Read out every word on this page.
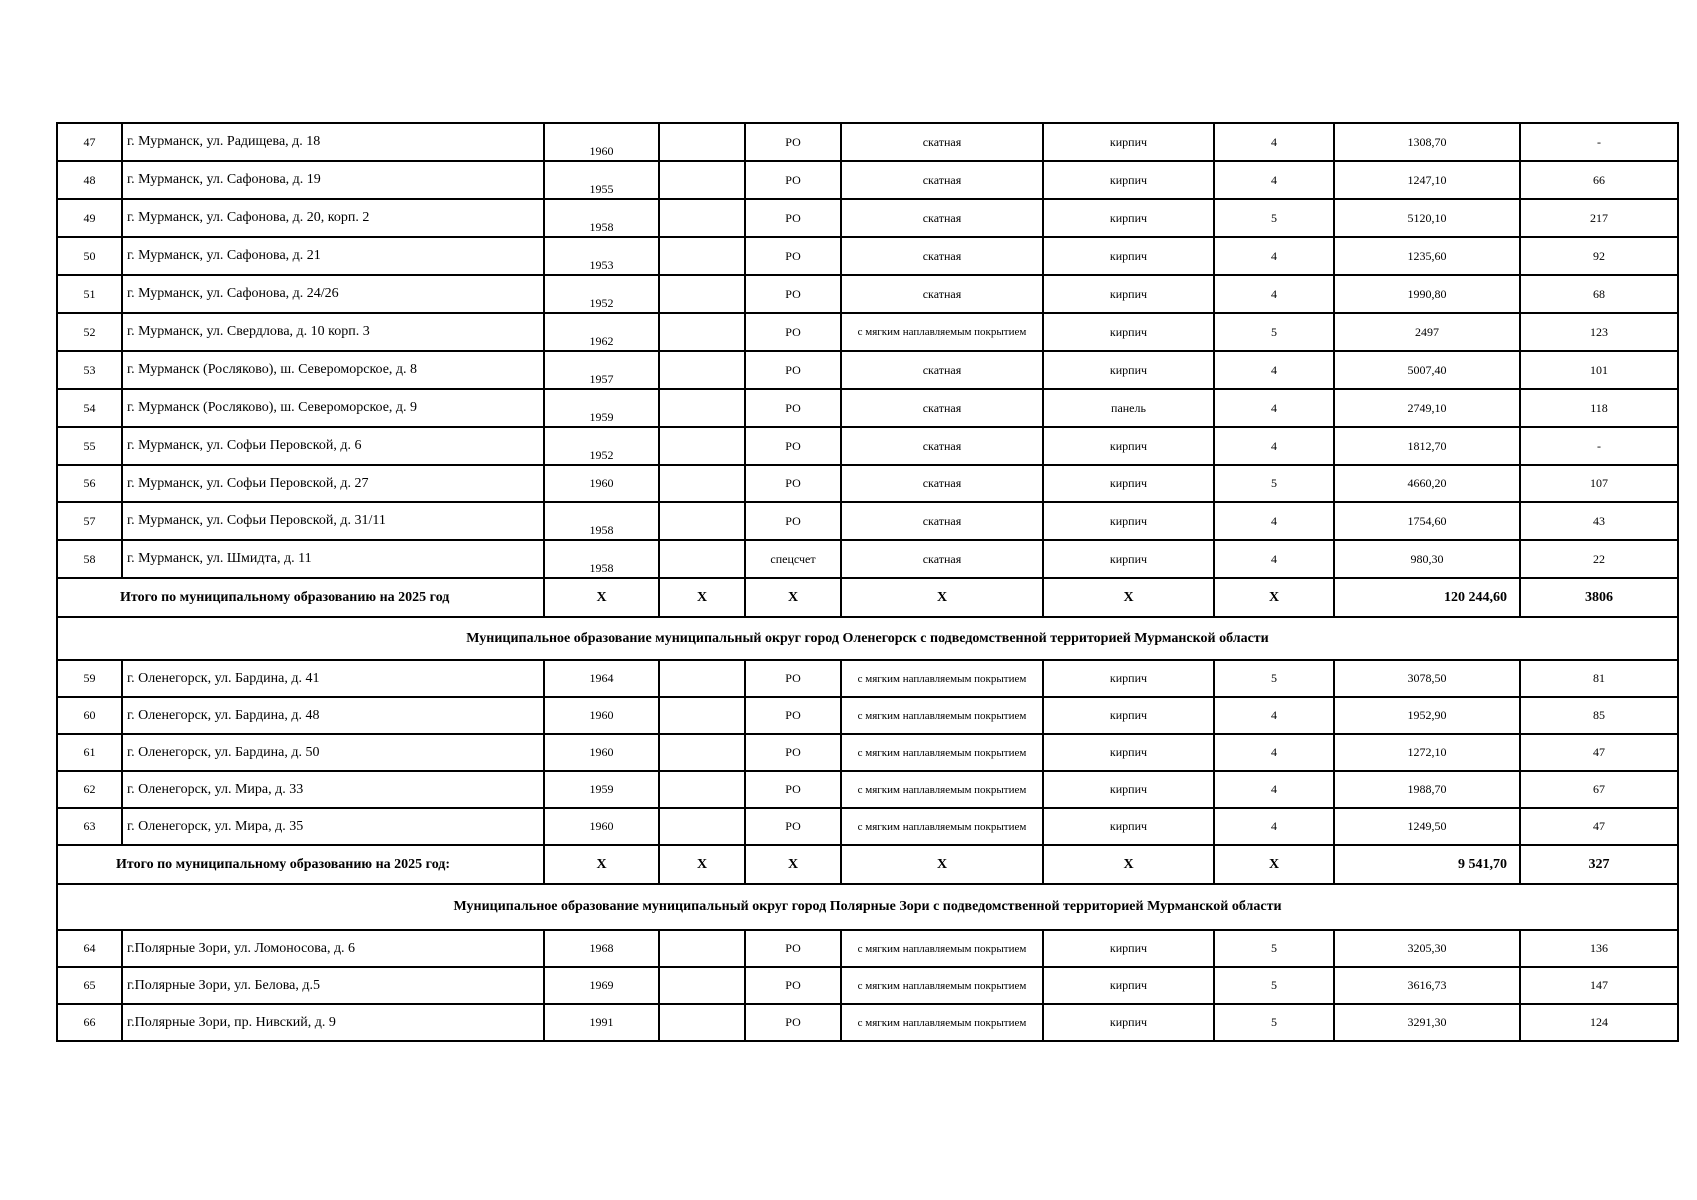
47	г. Мурманск, ул. Радищева, д. 18	1960		РО	скатная	кирпич	4	1308,70	-
48	г. Мурманск, ул. Сафонова, д. 19	1955		РО	скатная	кирпич	4	1247,10	66
49	г. Мурманск, ул. Сафонова, д. 20, корп. 2	1958		РО	скатная	кирпич	5	5120,10	217
50	г. Мурманск, ул. Сафонова, д. 21	1953		РО	скатная	кирпич	4	1235,60	92
51	г. Мурманск, ул. Сафонова, д. 24/26	1952		РО	скатная	кирпич	4	1990,80	68
52	г. Мурманск, ул. Свердлова, д. 10 корп. 3	1962		РО	с мягким наплавляемым покрытием	кирпич	5	2497	123
53	г. Мурманск (Росляково), ш. Североморское, д. 8	1957		РО	скатная	кирпич	4	5007,40	101
54	г. Мурманск (Росляково), ш. Североморское, д. 9	1959		РО	скатная	панель	4	2749,10	118
55	г. Мурманск, ул. Софьи Перовской, д. 6	1952		РО	скатная	кирпич	4	1812,70	-
56	г. Мурманск, ул. Софьи Перовской, д. 27	1960		РО	скатная	кирпич	5	4660,20	107
57	г. Мурманск, ул. Софьи Перовской, д. 31/11	1958		РО	скатная	кирпич	4	1754,60	43
58	г. Мурманск, ул. Шмидта, д. 11	1958		спецсчет	скатная	кирпич	4	980,30	22
Итого по муниципальному образованию на 2025 год		X	X	X	X	X	X	120 244,60	3806
Муниципальное образование муниципальный округ город Оленегорск с подведомственной территорией Мурманской области									
59	г. Оленегорск, ул. Бардина, д. 41	1964		РО	с мягким наплавляемым покрытием	кирпич	5	3078,50	81
60	г. Оленегорск, ул. Бардина, д. 48	1960		РО	с мягким наплавляемым покрытием	кирпич	4	1952,90	85
61	г. Оленегорск, ул. Бардина, д. 50	1960		РО	с мягким наплавляемым покрытием	кирпич	4	1272,10	47
62	г. Оленегорск, ул. Мира, д. 33	1959		РО	с мягким наплавляемым покрытием	кирпич	4	1988,70	67
63	г. Оленегорск, ул. Мира, д. 35	1960		РО	с мягким наплавляемым покрытием	кирпич	4	1249,50	47
Итого по муниципальному образованию на 2025 год:		X	X	X	X	X	X	9 541,70	327
Муниципальное образование муниципальный округ город Полярные Зори с подведомственной территорией Мурманской области									
64	г.Полярные Зори, ул. Ломоносова, д. 6	1968		РО	с мягким наплавляемым покрытием	кирпич	5	3205,30	136
65	г.Полярные Зори, ул. Белова, д.5	1969		РО	с мягким наплавляемым покрытием	кирпич	5	3616,73	147
66	г.Полярные Зори, пр. Нивский, д. 9	1991		РО	с мягким наплавляемым покрытием	кирпич	5	3291,30	124
